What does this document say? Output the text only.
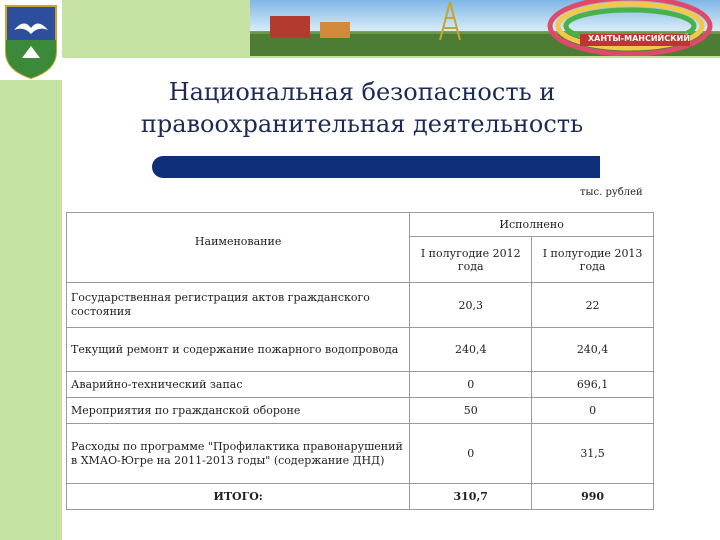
ХАНТЫ-МАНСИЙСКИЙ
Национальная безопасность и
правоохранительная деятельность
тыс. рублей
Наименование	Исполнено	
	I полугодие 2012 года	I полугодие 2013 года
Государственная регистрация актов гражданского состояния	20,3	22
Текущий ремонт и содержание пожарного водопровода	240,4	240,4
Аварийно-технический запас	0	696,1
Мероприятия по гражданской обороне	50	0
Расходы по программе "Профилактика правонарушений в ХМАО-Югре на 2011-2013 годы" (содержание ДНД)	0	31,5
ИТОГО:	310,7	990
